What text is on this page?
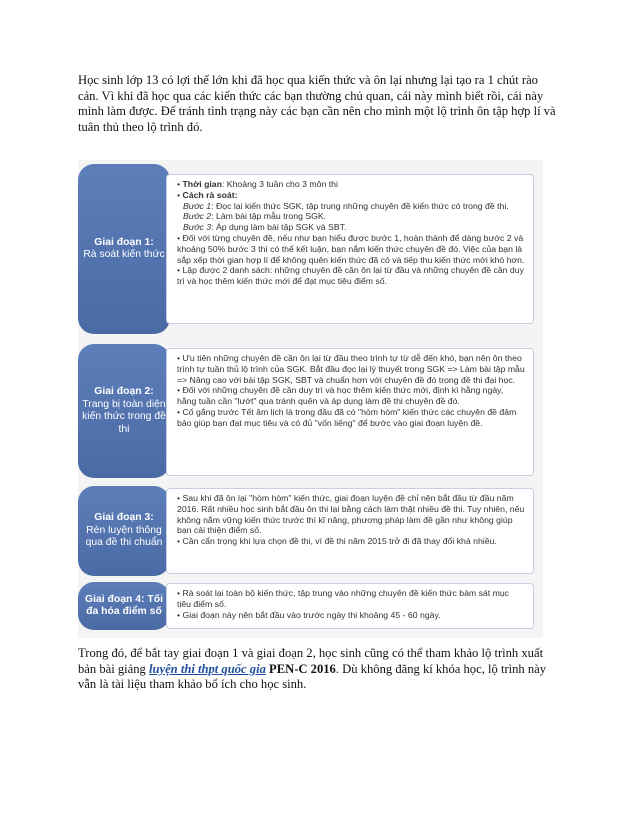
Học sinh lớp 13 có lợi thế lớn khi đã học qua kiến thức và ôn lại nhưng lại tạo ra 1 chút rào cản. Vì khi đã học qua các kiến thức các bạn thường chủ quan, cái này mình biết rồi, cái này mình làm được. Để tránh tình trạng này các bạn cần nên cho mình một lộ trình ôn tập hợp lí và tuân thủ theo lộ trình đó.
Giai đoạn 1:
Rà soát kiến thức

• Thời gian: Khoảng 3 tuần cho 3 môn thi

• Cách rà soát:

Bước 1: Đọc lại kiến thức SGK, tập trung những chuyên đề kiến thức có trong đề thi.

Bước 2: Làm bài tập mẫu trong SGK.

Bước 3: Áp dụng làm bài tập SGK và SBT.

• Đối với từng chuyên đề, nếu như bạn hiểu được bước 1, hoàn thành để dàng bước 2 và khoảng 50% bước 3 thì có thể kết luận, bạn nắm kiến thức chuyên đề đó. Việc của bạn là sắp xếp thời gian hợp lí để không quên kiến thức đã có và tiếp thu kiến thức mới khó hơn.

• Lập được 2 danh sách: những chuyên đề cần ôn lại từ đầu và những chuyên đề cần duy trì và học thêm kiến thức mới để đạt mục tiêu điểm số.

Giai đoạn 2:
Trang bị toàn diện kiến thức trong đề thi

• Ưu tiên những chuyên đề cần ôn lại từ đầu theo trình tự từ dễ đến khó, bạn nên ôn theo trình tự tuần thủ lộ trình của SGK. Bắt đầu đọc lại lý thuyết trong SGK => Làm bài tập mẫu => Nâng cao với bài tập SGK, SBT và chuẩn hơn với chuyên đề đó trong đề thi đại học.

• Đối với những chuyên đề cần duy trì và học thêm kiến thức mới, định kì hằng ngày, hằng tuần cần "lướt" qua tránh quên và áp dụng làm đề thi chuyên đề đó.

• Cố gắng trước Tết âm lịch là trong đầu đã có "hòm hòm" kiến thức các chuyên đề đảm bảo giúp bạn đạt mục tiêu và có đủ "vốn liếng" để bước vào giai đoạn luyện đề.

Giai đoạn 3:
Rèn luyện thông qua đề thi chuẩn

• Sau khi đã ôn lại "hòm hòm" kiến thức, giai đoạn luyện đề chỉ nên bắt đầu từ đầu năm 2016. Rất nhiều học sinh bắt đầu ôn thi lại bằng cách làm thật nhiều đề thi. Tuy nhiên, nếu không nắm vững kiến thức trước thì kĩ năng, phương pháp làm đề gần như không giúp bạn cải thiện điểm số.

• Cần cẩn trọng khi lựa chọn đề thi, vì đề thi năm 2015 trở đi đã thay đổi khá nhiều.

Giai đoạn 4: Tối đa hóa điểm số

• Rà soát lại toàn bộ kiến thức, tập trung vào những chuyên đề kiến thức bám sát mục tiêu điểm số.

• Giai đoạn này nên bắt đầu vào trước ngày thi khoảng 45 - 60 ngày.

Trong đó, để bắt tay giai đoạn 1 và giai đoạn 2, học sinh cũng có thể tham khảo lộ trình xuất bản bài giảng luyện thi thpt quốc gia PEN-C 2016. Dù không đăng kí khóa học, lộ trình này vẫn là tài liệu tham khảo bổ ích cho học sinh.
